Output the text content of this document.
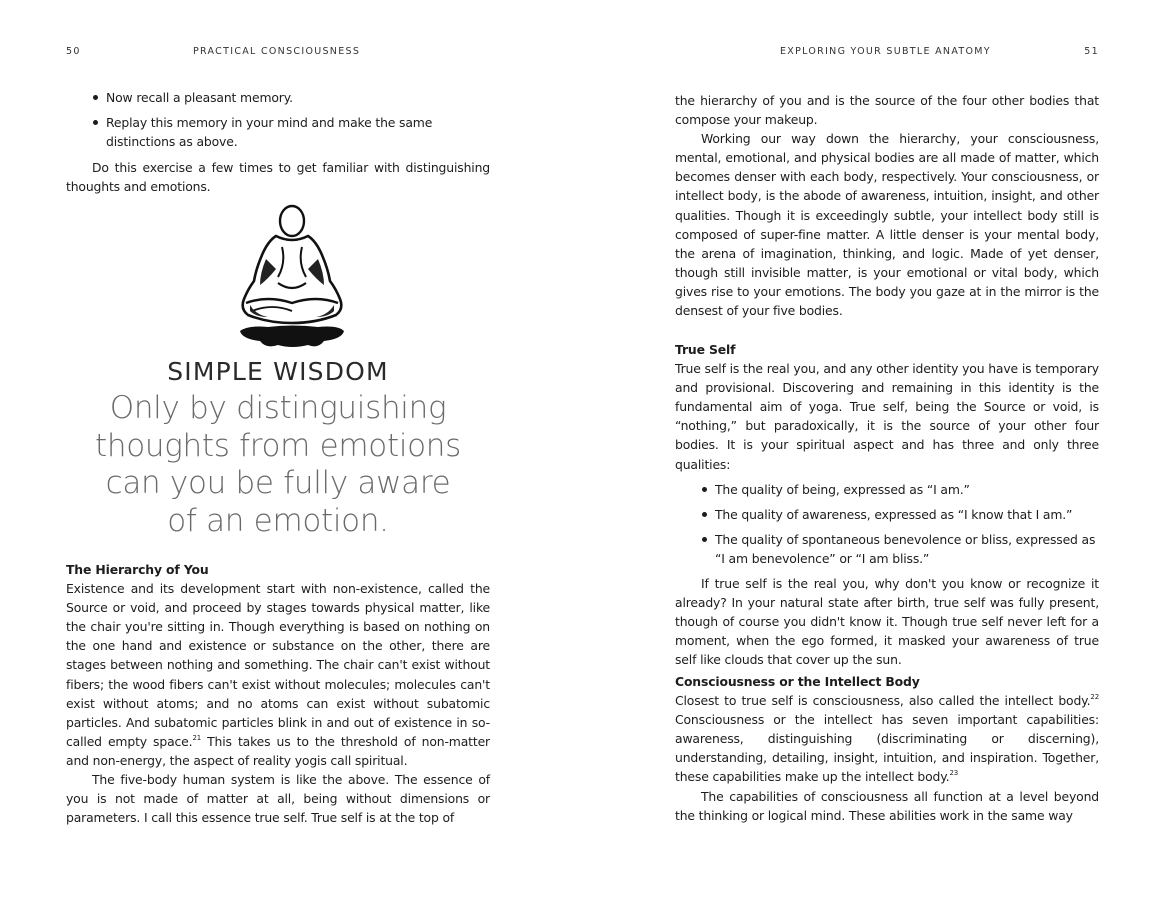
50	PRACTICAL CONSCIOUSNESS
Now recall a pleasant memory.
Replay this memory in your mind and make the same distinctions as above.

Do this exercise a few times to get familiar with distinguishing thoughts and emotions.

SIMPLE WISDOM
Only by distinguishing
thoughts from emotions
can you be fully aware
of an emotion.

The Hierarchy of You

Existence and its development start with non-existence, called the Source or void, and proceed by stages towards physical matter, like the chair you're sitting in. Though everything is based on nothing on the one hand and existence or substance on the other, there are stages between nothing and something. The chair can't exist without fibers; the wood fibers can't exist without molecules; molecules can't exist without atoms; and no atoms can exist without subatomic particles. And subatomic particles blink in and out of existence in so-called empty space.$^{21}$ This takes us to the threshold of non-matter and non-energy, the aspect of reality yogis call spiritual.

The five-body human system is like the above. The essence of you is not made of matter at all, being without dimensions or parameters. I call this essence true self. True self is at the top of

EXPLORING YOUR SUBTLE ANATOMY	51

the hierarchy of you and is the source of the four other bodies that compose your makeup.

Working our way down the hierarchy, your consciousness, mental, emotional, and physical bodies are all made of matter, which becomes denser with each body, respectively. Your consciousness, or intellect body, is the abode of awareness, intuition, insight, and other qualities. Though it is exceedingly subtle, your intellect body still is composed of super-fine matter. A little denser is your mental body, the arena of imagination, thinking, and logic. Made of yet denser, though still invisible matter, is your emotional or vital body, which gives rise to your emotions. The body you gaze at in the mirror is the densest of your five bodies.

True Self

True self is the real you, and any other identity you have is temporary and provisional. Discovering and remaining in this identity is the fundamental aim of yoga. True self, being the Source or void, is “nothing,” but paradoxically, it is the source of your other four bodies. It is your spiritual aspect and has three and only three qualities:

The quality of being, expressed as “I am.”
The quality of awareness, expressed as “I know that I am.”
The quality of spontaneous benevolence or bliss, expressed as “I am benevolence” or “I am bliss.”

If true self is the real you, why don't you know or recognize it already? In your natural state after birth, true self was fully present, though of course you didn't know it. Though true self never left for a moment, when the ego formed, it masked your awareness of true self like clouds that cover up the sun.

Consciousness or the Intellect Body

Closest to true self is consciousness, also called the intellect body.$^{22}$ Consciousness or the intellect has seven important capabilities: awareness, distinguishing (discriminating or discerning), understanding, detailing, insight, intuition, and inspiration. Together, these capabilities make up the intellect body.$^{23}$

The capabilities of consciousness all function at a level beyond the thinking or logical mind. These abilities work in the same way
